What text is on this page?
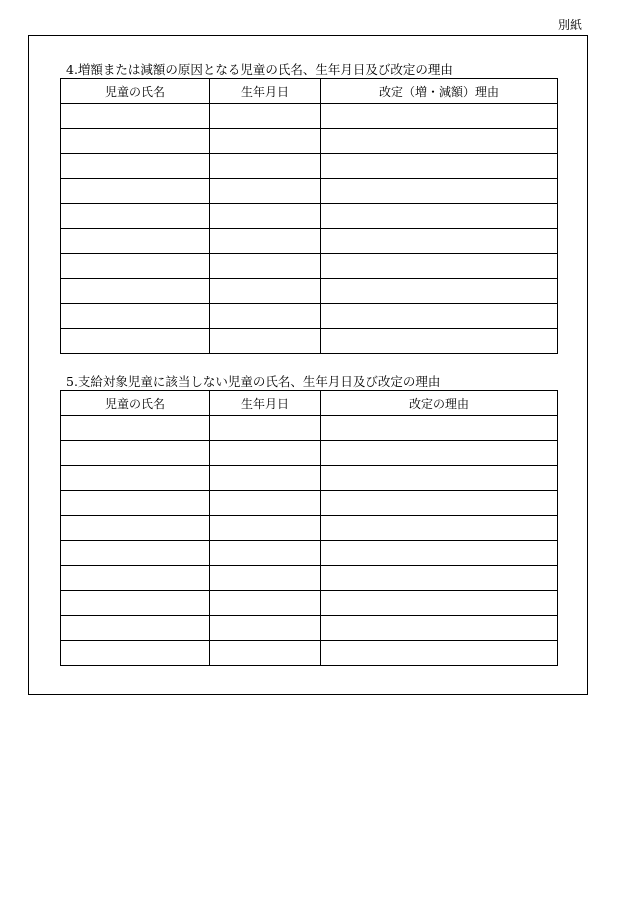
別紙
4.増額または減額の原因となる児童の氏名、生年月日及び改定の理由
児童の氏名	生年月日	改定（増・減額）理由

5.支給対象児童に該当しない児童の氏名、生年月日及び改定の理由
児童の氏名	生年月日	改定の理由
